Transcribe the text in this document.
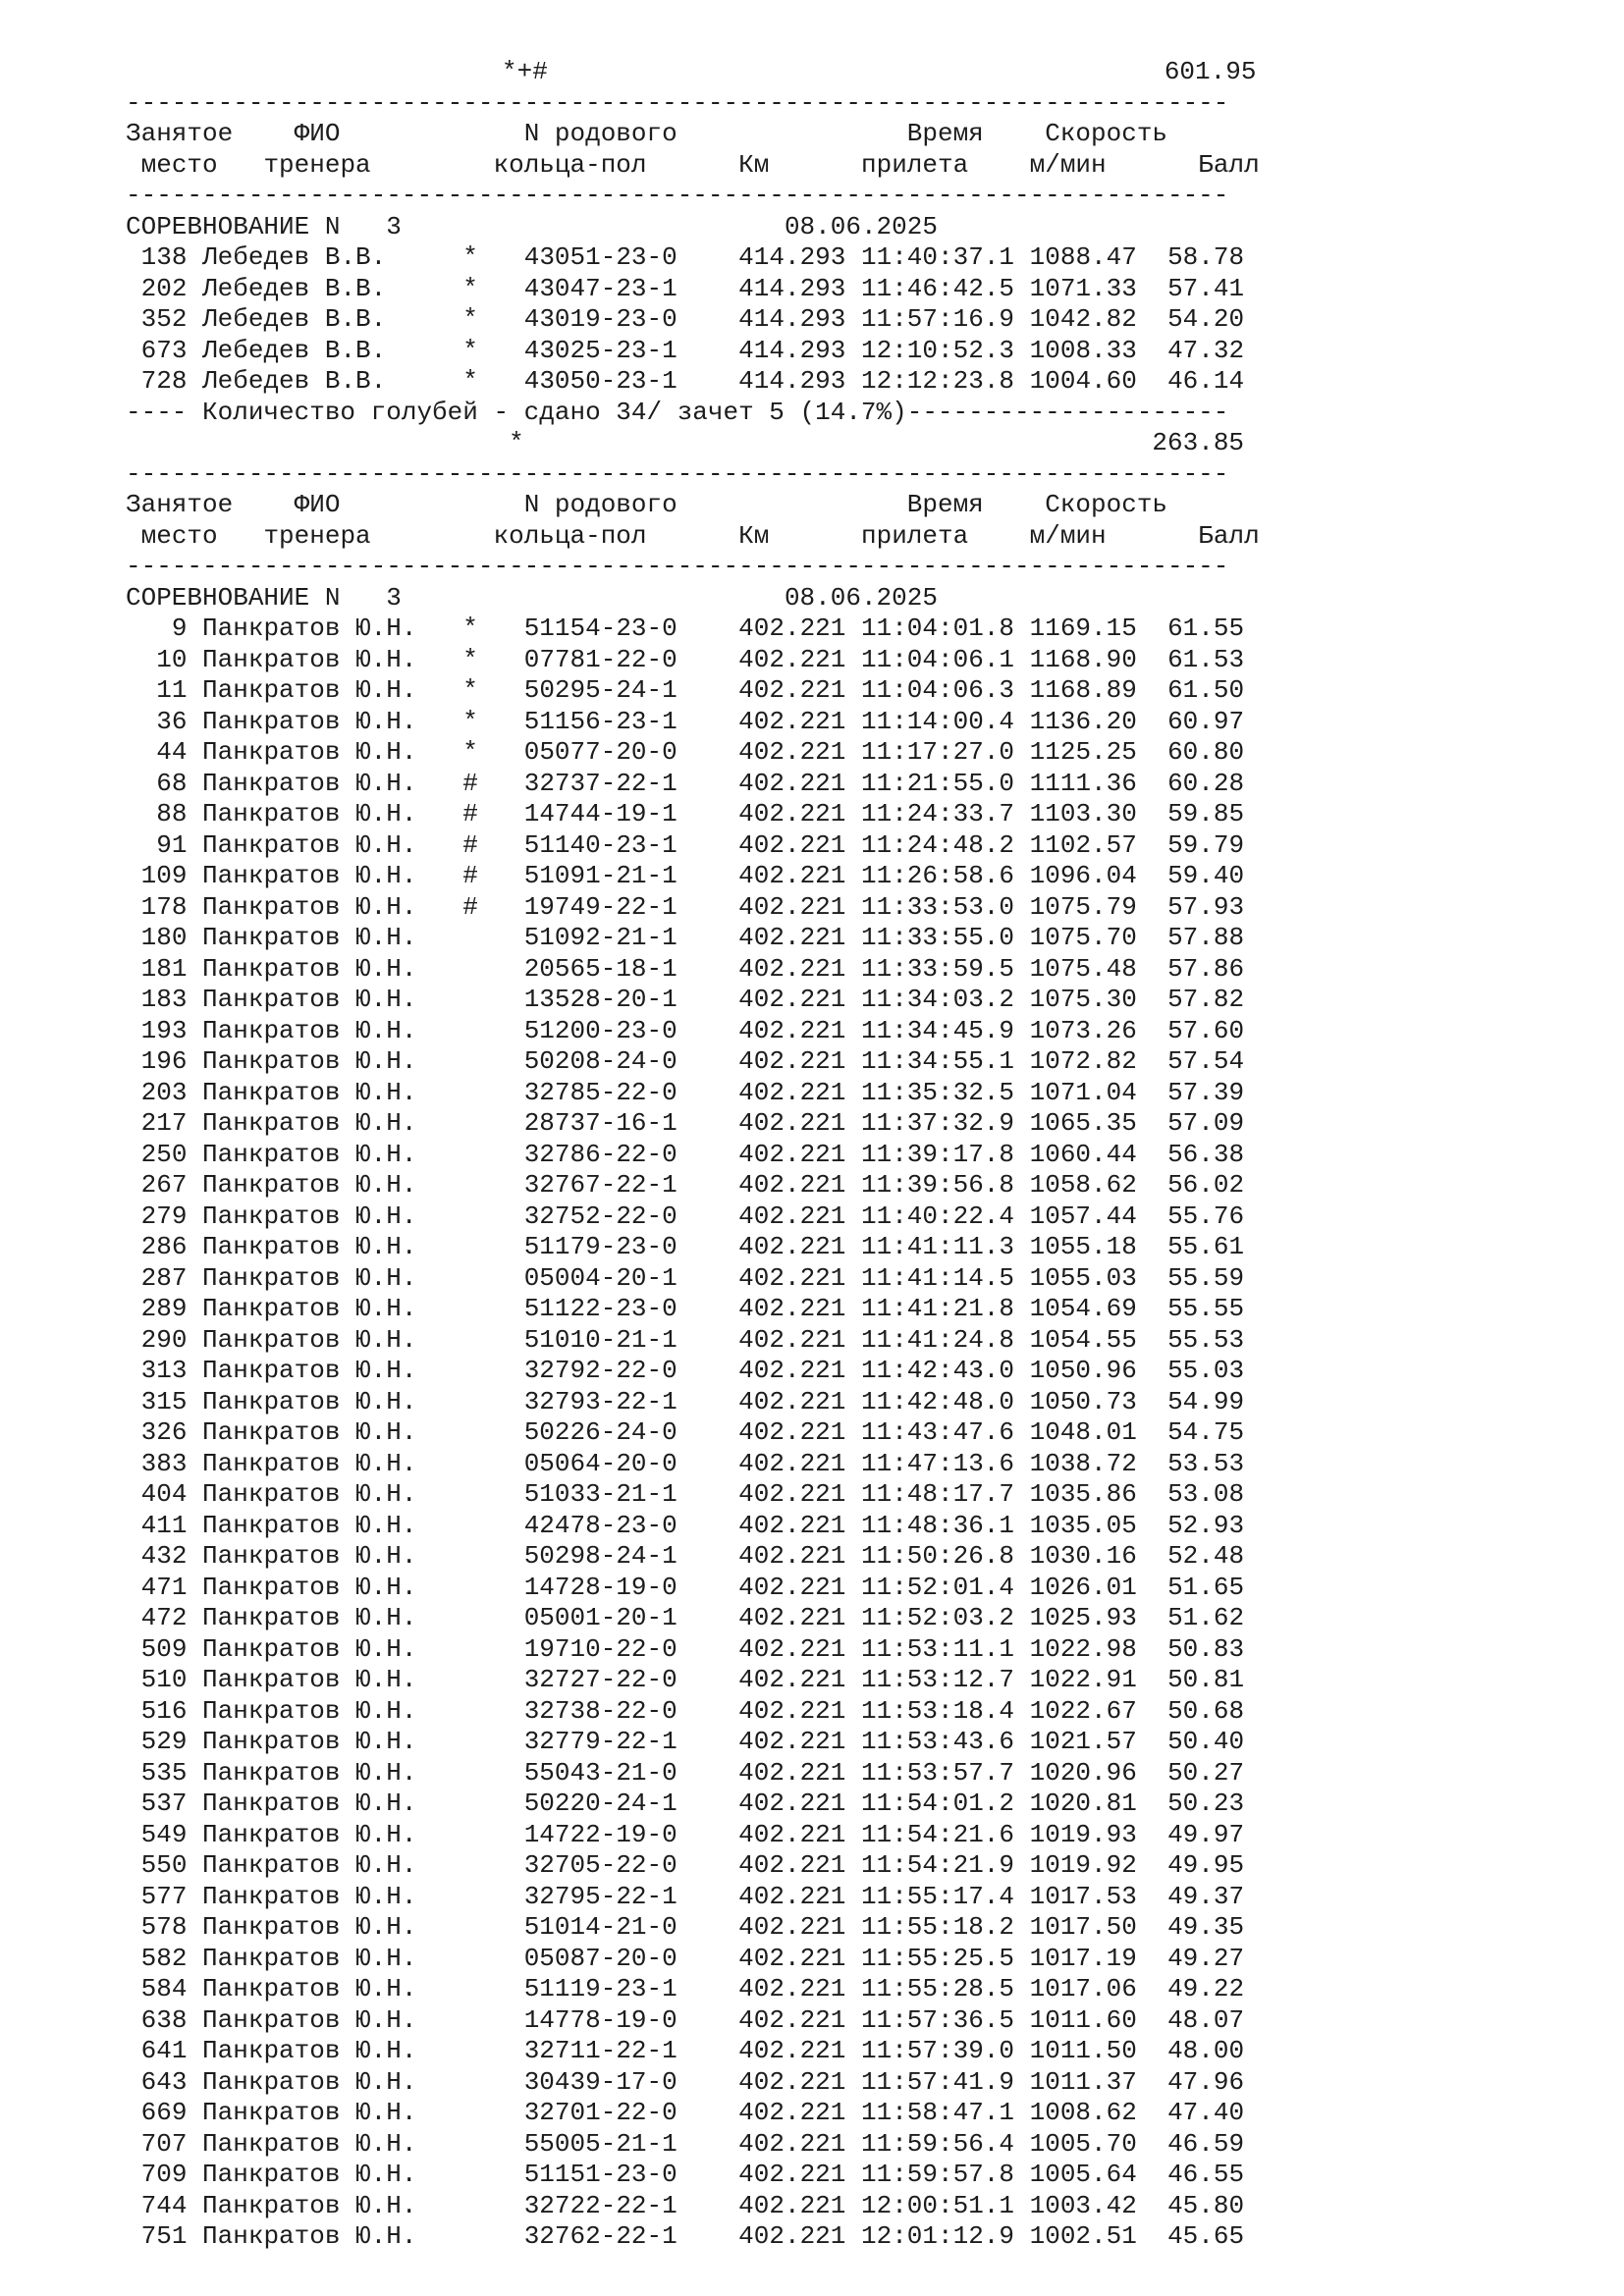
*+#	601.95
------------------------------------------------------------------------
Занятое ФИО	N родового	Время Скорость
место тренера	кольца-пол	Км	прилета м/мин	Балл
------------------------------------------------------------------------
СОРЕВНОВАНИЕ N   3	08.06.2025
138 Лебедев В.В.	* 43051-23-0 414.293 11:40:37.1 1088.47 58.78
202 Лебедев В.В.	* 43047-23-1 414.293 11:46:42.5 1071.33 57.41
352 Лебедев В.В.	* 43019-23-0 414.293 11:57:16.9 1042.82 54.20
673 Лебедев В.В.	* 43025-23-1 414.293 12:10:52.3 1008.33 47.32
728 Лебедев В.В.	* 43050-23-1 414.293 12:12:23.8 1004.60 46.14
---- Количество голубей - сдано 34/ зачет 5 (14.7%)---------------------
*	263.85
------------------------------------------------------------------------
Занятое ФИО	N родового	Время Скорость
место тренера	кольца-пол	Км	прилета м/мин	Балл
------------------------------------------------------------------------
СОРЕВНОВАНИЕ N   3	08.06.2025
9 Панкратов Ю.Н. * 51154-23-0 402.221 11:04:01.8 1169.15 61.55
10 Панкратов Ю.Н. * 07781-22-0 402.221 11:04:06.1 1168.90 61.53
11 Панкратов Ю.Н. * 50295-24-1 402.221 11:04:06.3 1168.89 61.50
36 Панкратов Ю.Н. * 51156-23-1 402.221 11:14:00.4 1136.20 60.97
44 Панкратов Ю.Н. * 05077-20-0 402.221 11:17:27.0 1125.25 60.80
68 Панкратов Ю.Н. # 32737-22-1 402.221 11:21:55.0 1111.36 60.28
88 Панкратов Ю.Н. # 14744-19-1 402.221 11:24:33.7 1103.30 59.85
91 Панкратов Ю.Н. # 51140-23-1 402.221 11:24:48.2 1102.57 59.79
109 Панкратов Ю.Н. # 51091-21-1 402.221 11:26:58.6 1096.04 59.40
178 Панкратов Ю.Н. # 19749-22-1 402.221 11:33:53.0 1075.79 57.93
180 Панкратов Ю.Н.	51092-21-1 402.221 11:33:55.0 1075.70 57.88
181 Панкратов Ю.Н.	20565-18-1 402.221 11:33:59.5 1075.48 57.86
183 Панкратов Ю.Н.	13528-20-1 402.221 11:34:03.2 1075.30 57.82
193 Панкратов Ю.Н.	51200-23-0 402.221 11:34:45.9 1073.26 57.60
196 Панкратов Ю.Н.	50208-24-0 402.221 11:34:55.1 1072.82 57.54
203 Панкратов Ю.Н.	32785-22-0 402.221 11:35:32.5 1071.04 57.39
217 Панкратов Ю.Н.	28737-16-1 402.221 11:37:32.9 1065.35 57.09
250 Панкратов Ю.Н.	32786-22-0 402.221 11:39:17.8 1060.44 56.38
267 Панкратов Ю.Н.	32767-22-1 402.221 11:39:56.8 1058.62 56.02
279 Панкратов Ю.Н.	32752-22-0 402.221 11:40:22.4 1057.44 55.76
286 Панкратов Ю.Н.	51179-23-0 402.221 11:41:11.3 1055.18 55.61
287 Панкратов Ю.Н.	05004-20-1 402.221 11:41:14.5 1055.03 55.59
289 Панкратов Ю.Н.	51122-23-0 402.221 11:41:21.8 1054.69 55.55
290 Панкратов Ю.Н.	51010-21-1 402.221 11:41:24.8 1054.55 55.53
313 Панкратов Ю.Н.	32792-22-0 402.221 11:42:43.0 1050.96 55.03
315 Панкратов Ю.Н.	32793-22-1 402.221 11:42:48.0 1050.73 54.99
326 Панкратов Ю.Н.	50226-24-0 402.221 11:43:47.6 1048.01 54.75
383 Панкратов Ю.Н.	05064-20-0 402.221 11:47:13.6 1038.72 53.53
404 Панкратов Ю.Н.	51033-21-1 402.221 11:48:17.7 1035.86 53.08
411 Панкратов Ю.Н.	42478-23-0 402.221 11:48:36.1 1035.05 52.93
432 Панкратов Ю.Н.	50298-24-1 402.221 11:50:26.8 1030.16 52.48
471 Панкратов Ю.Н.	14728-19-0 402.221 11:52:01.4 1026.01 51.65
472 Панкратов Ю.Н.	05001-20-1 402.221 11:52:03.2 1025.93 51.62
509 Панкратов Ю.Н.	19710-22-0 402.221 11:53:11.1 1022.98 50.83
510 Панкратов Ю.Н.	32727-22-0 402.221 11:53:12.7 1022.91 50.81
516 Панкратов Ю.Н.	32738-22-0 402.221 11:53:18.4 1022.67 50.68
529 Панкратов Ю.Н.	32779-22-1 402.221 11:53:43.6 1021.57 50.40
535 Панкратов Ю.Н.	55043-21-0 402.221 11:53:57.7 1020.96 50.27
537 Панкратов Ю.Н.	50220-24-1 402.221 11:54:01.2 1020.81 50.23
549 Панкратов Ю.Н.	14722-19-0 402.221 11:54:21.6 1019.93 49.97
550 Панкратов Ю.Н.	32705-22-0 402.221 11:54:21.9 1019.92 49.95
577 Панкратов Ю.Н.	32795-22-1 402.221 11:55:17.4 1017.53 49.37
578 Панкратов Ю.Н.	51014-21-0 402.221 11:55:18.2 1017.50 49.35
582 Панкратов Ю.Н.	05087-20-0 402.221 11:55:25.5 1017.19 49.27
584 Панкратов Ю.Н.	51119-23-1 402.221 11:55:28.5 1017.06 49.22
638 Панкратов Ю.Н.	14778-19-0 402.221 11:57:36.5 1011.60 48.07
641 Панкратов Ю.Н.	32711-22-1 402.221 11:57:39.0 1011.50 48.00
643 Панкратов Ю.Н.	30439-17-0 402.221 11:57:41.9 1011.37 47.96
669 Панкратов Ю.Н.	32701-22-0 402.221 11:58:47.1 1008.62 47.40
707 Панкратов Ю.Н.	55005-21-1 402.221 11:59:56.4 1005.70 46.59
709 Панкратов Ю.Н.	51151-23-0 402.221 11:59:57.8 1005.64 46.55
744 Панкратов Ю.Н.	32722-22-1 402.221 12:00:51.1 1003.42 45.80
751 Панкратов Ю.Н.	32762-22-1 402.221 12:01:12.9 1002.51 45.65
